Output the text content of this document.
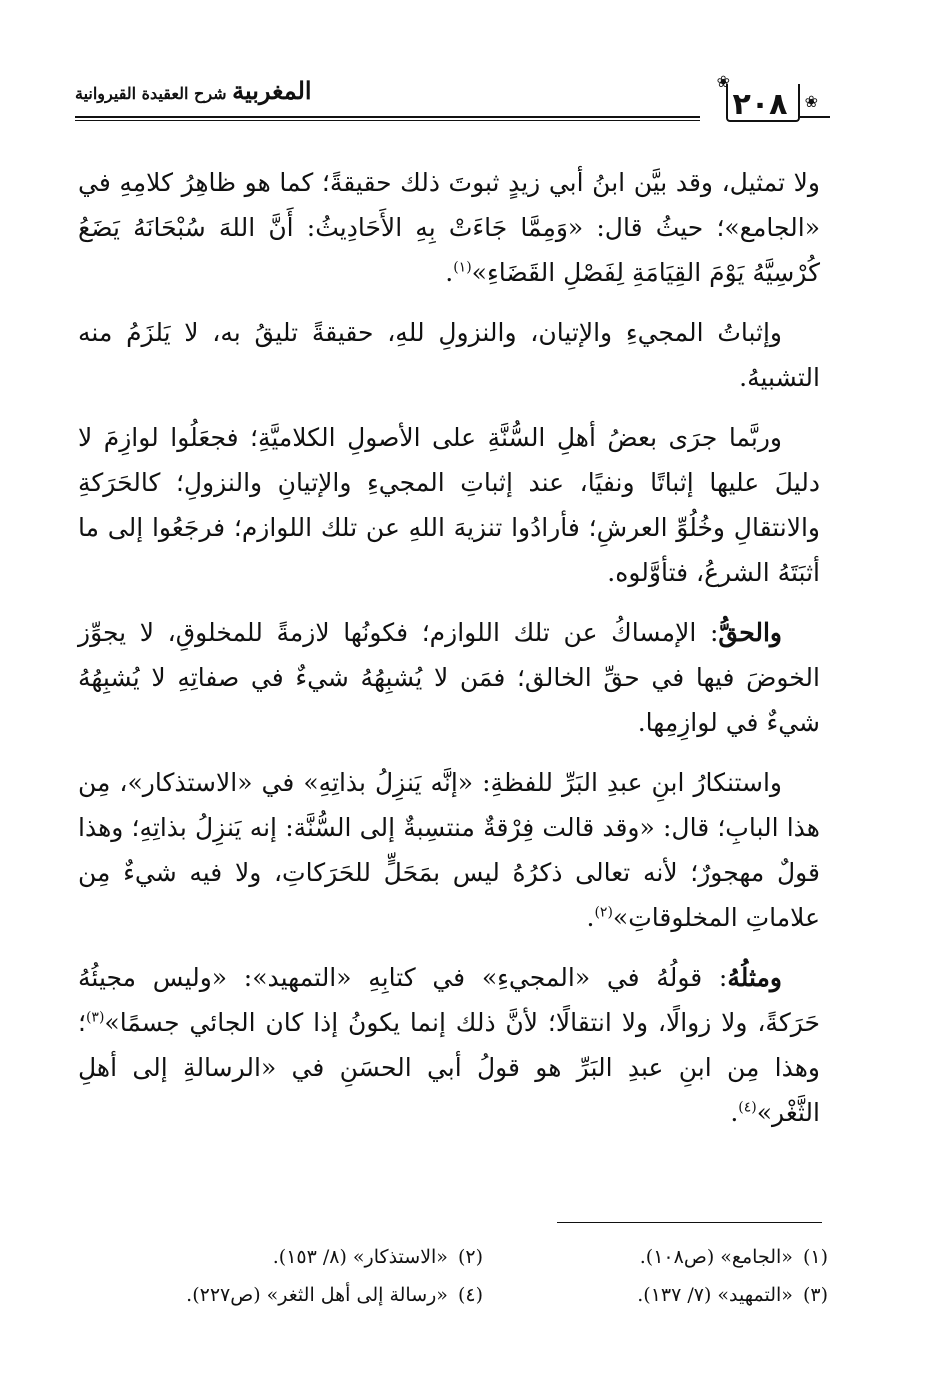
٢٠٨
❀
❀
المغربية شرح العقيدة القيروانية

ولا تمثيل، وقد بيَّن ابنُ أبي زيدٍ ثبوتَ ذلك حقيقةً؛ كما هو ظاهِرُ كلامِهِ في «الجامع»؛ حيثُ قال: «وَمِمَّا جَاءَتْ بِهِ الأَحَادِيثُ: أَنَّ اللهَ سُبْحَانَهُ يَضَعُ كُرْسِيَّهُ يَوْمَ القِيَامَةِ لِفَصْلِ القَضَاءِ»$^{(١)}$.

وإثباتُ المجيءِ والإتيان، والنزولِ للهِ، حقيقةً تليقُ به، لا يَلزَمُ منه التشبيهُ.

وربَّما جرَى بعضُ أهلِ السُّنَّةِ على الأصولِ الكلاميَّةِ؛ فجعَلُوا لوازِمَ لا دليلَ عليها إثباتًا ونفيًا، عند إثباتِ المجيءِ والإتيانِ والنزولِ؛ كالحَرَكةِ والانتقالِ وخُلُوِّ العرشِ؛ فأرادُوا تنزيهَ اللهِ عن تلك اللوازم؛ فرجَعُوا إلى ما أثبَتَهُ الشرعُ، فتأوَّلوه.

والحقُّ: الإمساكُ عن تلك اللوازم؛ فكونُها لازمةً للمخلوقِ، لا يجوِّز الخوضَ فيها في حقِّ الخالق؛ فمَن لا يُشبِهُهُ شيءٌ في صفاتِهِ لا يُشبِهُهُ شيءٌ في لوازِمِها.

واستنكارُ ابنِ عبدِ البَرِّ للفظةِ: «إنَّه يَنزِلُ بذاتِهِ» في «الاستذكار»، مِن هذا البابِ؛ قال: «وقد قالت فِرْقةٌ منتسِبةٌ إلى السُّنَّة: إنه يَنزِلُ بذاتِهِ؛ وهذا قولٌ مهجورٌ؛ لأنه تعالى ذكرُهُ ليس بمَحَلٍّ للحَرَكاتِ، ولا فيه شيءٌ مِن علاماتِ المخلوقاتِ»$^{(٢)}$.

ومثلُهُ: قولُهُ في «المجيءِ» في كتابِهِ «التمهيد»: «وليس مجيئُهُ حَرَكةً، ولا زوالًا، ولا انتقالًا؛ لأنَّ ذلك إنما يكونُ إذا كان الجائي جسمًا»$^{(٣)}$؛ وهذا مِن ابنِ عبدِ البَرِّ هو قولُ أبي الحسَنِ في «الرسالةِ إلى أهلِ الثَّغْر»$^{(٤)}$.

(١)«الجامع» (ص١٠٨).
(٢)«الاستذكار» (٨/ ١٥٣).
(٣)«التمهيد» (٧/ ١٣٧).
(٤)«رسالة إلى أهل الثغر» (ص٢٢٧).
